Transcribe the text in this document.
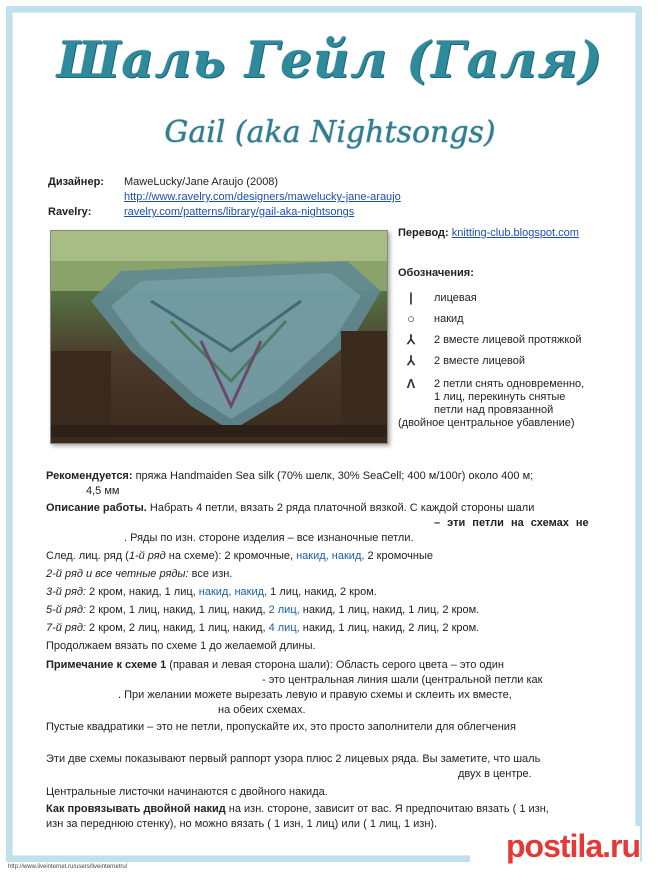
Шаль Гейл (Галя)
Gail (aka Nightsongs)
Дизайнер: MaweLucky/Jane Araujo (2008)
http://www.ravelry.com/designers/mawelucky-jane-araujo
Ravelry:	ravelry.com/patterns/library/gail-aka-nightsongs
Перевод: knitting-club.blogspot.com
Обозначения:
|	лицевая
○ накид
⅄ 2 вместе лицевой протяжкой
⅄ 2 вместе лицевой
Λ 2 петли снять одновременно,
1 лиц, перекинуть снятые
петли над провязанной
(двойное центральное убавление)
Рекомендуется: пряжа Handmaiden Sea silk (70% шелк, 30% SeaCell; 400 м/100г) около 400 м;
4,5 мм
Описание работы. Набрать 4 петли, вязать 2 ряда платочной вязкой. С каждой стороны шали
– эти петли на схемах не
. Ряды по изн. стороне изделия – все изнаночные петли.
След. лиц. ряд (1-й ряд на схеме): 2 кромочные, накид, накид, 2 кромочные
2-й ряд и все четные ряды: все изн.
3-й ряд: 2 кром, накид, 1 лиц, накид, накид, 1 лиц, накид, 2 кром.
5-й ряд: 2 кром, 1 лиц, накид, 1 лиц, накид, 2 лиц, накид, 1 лиц, накид, 1 лиц, 2 кром.
7-й ряд: 2 кром, 2 лиц, накид, 1 лиц, накид, 4 лиц, накид, 1 лиц, накид, 2 лиц, 2 кром.
Продолжаем вязать по схеме 1 до желаемой длины.
Примечание к схеме 1 (правая и левая сторона шали): Область серого цвета – это один
- это центральная линия шали (центральной петли как
. При желании можете вырезать левую и правую схемы и склеить их вместе,
на обеих схемах.
Пустые квадратики – это не петли, пропускайте их, это просто заполнители для облегчения
Эти две схемы показывают первый раппорт узора плюс 2 лицевых ряда. Вы заметите, что шаль
двух в центре.
Центральные листочки начинаются с двойного накида.
Как провязывать двойной накид на изн. стороне, зависит от вас. Я предпочитаю вязать ( 1 изн,
изн за переднюю стенку), но можно вязать ( 1 изн, 1 лиц) или ( 1 лиц, 1 изн).
postila.ru
http://www.liveinternet.ru/users/liveinternetru/
